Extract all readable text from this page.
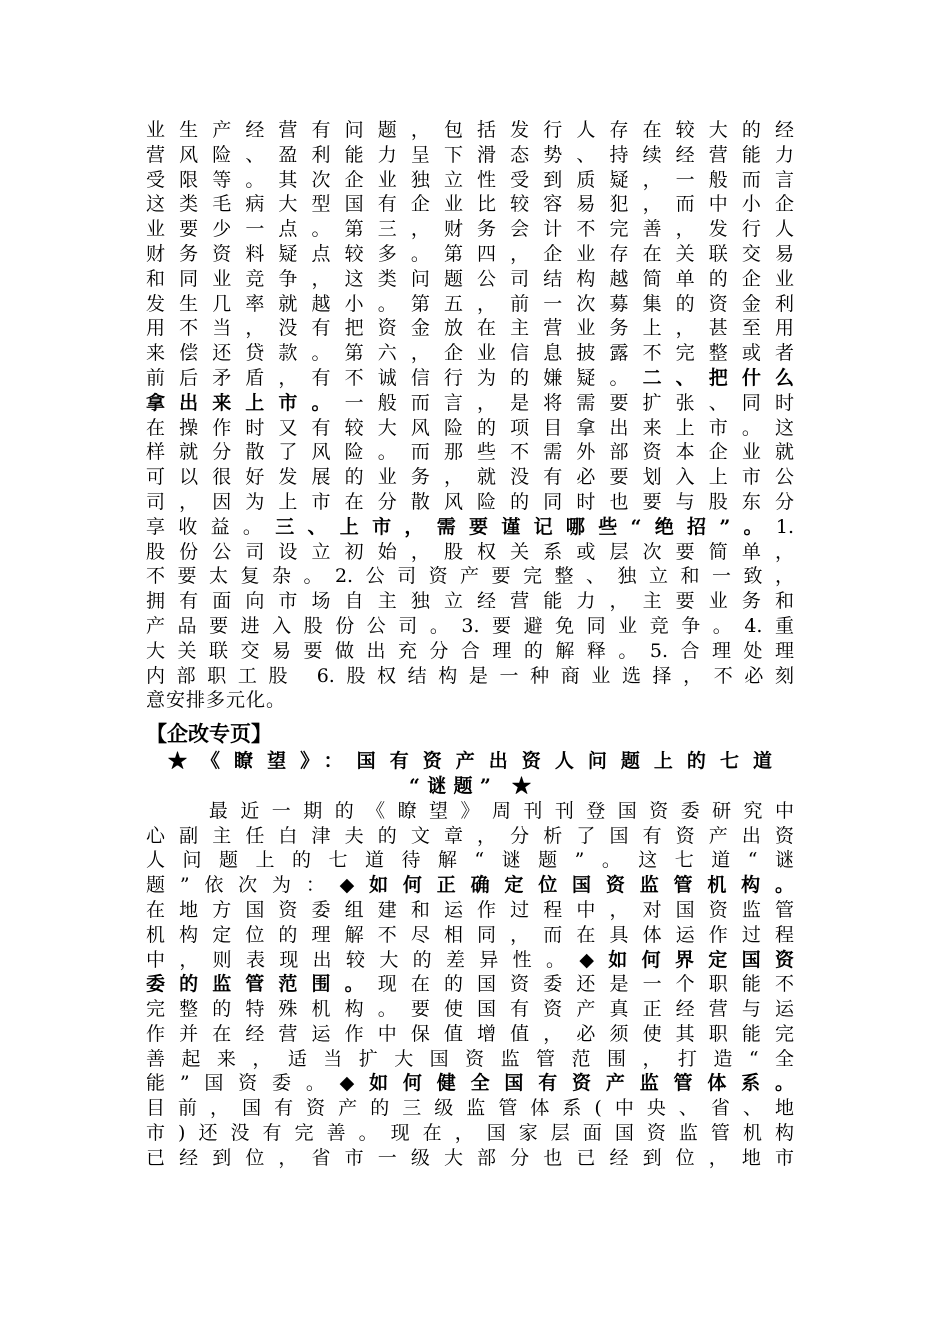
业生产经营有问题，包括发行人存在较大的经
营风险、盈利能力呈下滑态势、持续经营能力
受限等。其次企业独立性受到质疑，一般而言
这类毛病大型国有企业比较容易犯，而中小企
业要少一点。第三，财务会计不完善，发行人
财务资料疑点较多。第四，企业存在关联交易
和同业竞争，这类问题公司结构越简单的企业
发生几率就越小。第五，前一次募集的资金利
用不当，没有把资金放在主营业务上，甚至用
来偿还贷款。第六，企业信息披露不完整或者
前后矛盾，有不诚信行为的嫌疑。二、把什么
拿出来上市。一般而言，是将需要扩张、同时
在操作时又有较大风险的项目拿出来上市。这
样就分散了风险。而那些不需外部资本企业就
可以很好发展的业务，就没有必要划入上市公
司，因为上市在分散风险的同时也要与股东分
享收益。三、上市，需要谨记哪些“绝招”。1.
股份公司设立初始，股权关系或层次要简单，
不要太复杂。2.公司资产要完整、独立和一致，
拥有面向市场自主独立经营能力，主要业务和
产品要进入股份公司。3.要避免同业竞争。4.重
大关联交易要做出充分合理的解释。5.合理处理
内部职工股 6.股权结构是一种商业选择，不必刻
意安排多元化。
【企改专页】
★《瞭望》：国有资产出资人问题上的七道
“谜题” ★
　　最近一期的《瞭望》周刊刊登国资委研究中
心副主任白津夫的文章，分析了国有资产出资
人问题上的七道待解“谜题”。这七道“谜
题”依次为：◆如何正确定位国资监管机构。
在地方国资委组建和运作过程中，对国资监管
机构定位的理解不尽相同，而在具体运作过程
中，则表现出较大的差异性。◆如何界定国资
委的监管范围。现在的国资委还是一个职能不
完整的特殊机构。要使国有资产真正经营与运
作并在经营运作中保值增值，必须使其职能完
善起来，适当扩大国资监管范围，打造“全
能”国资委。◆如何健全国有资产监管体系。
目前，国有资产的三级监管体系(中央、省、地
市)还没有完善。现在，国家层面国资监管机构
已经到位，省市一级大部分也已经到位，地市
